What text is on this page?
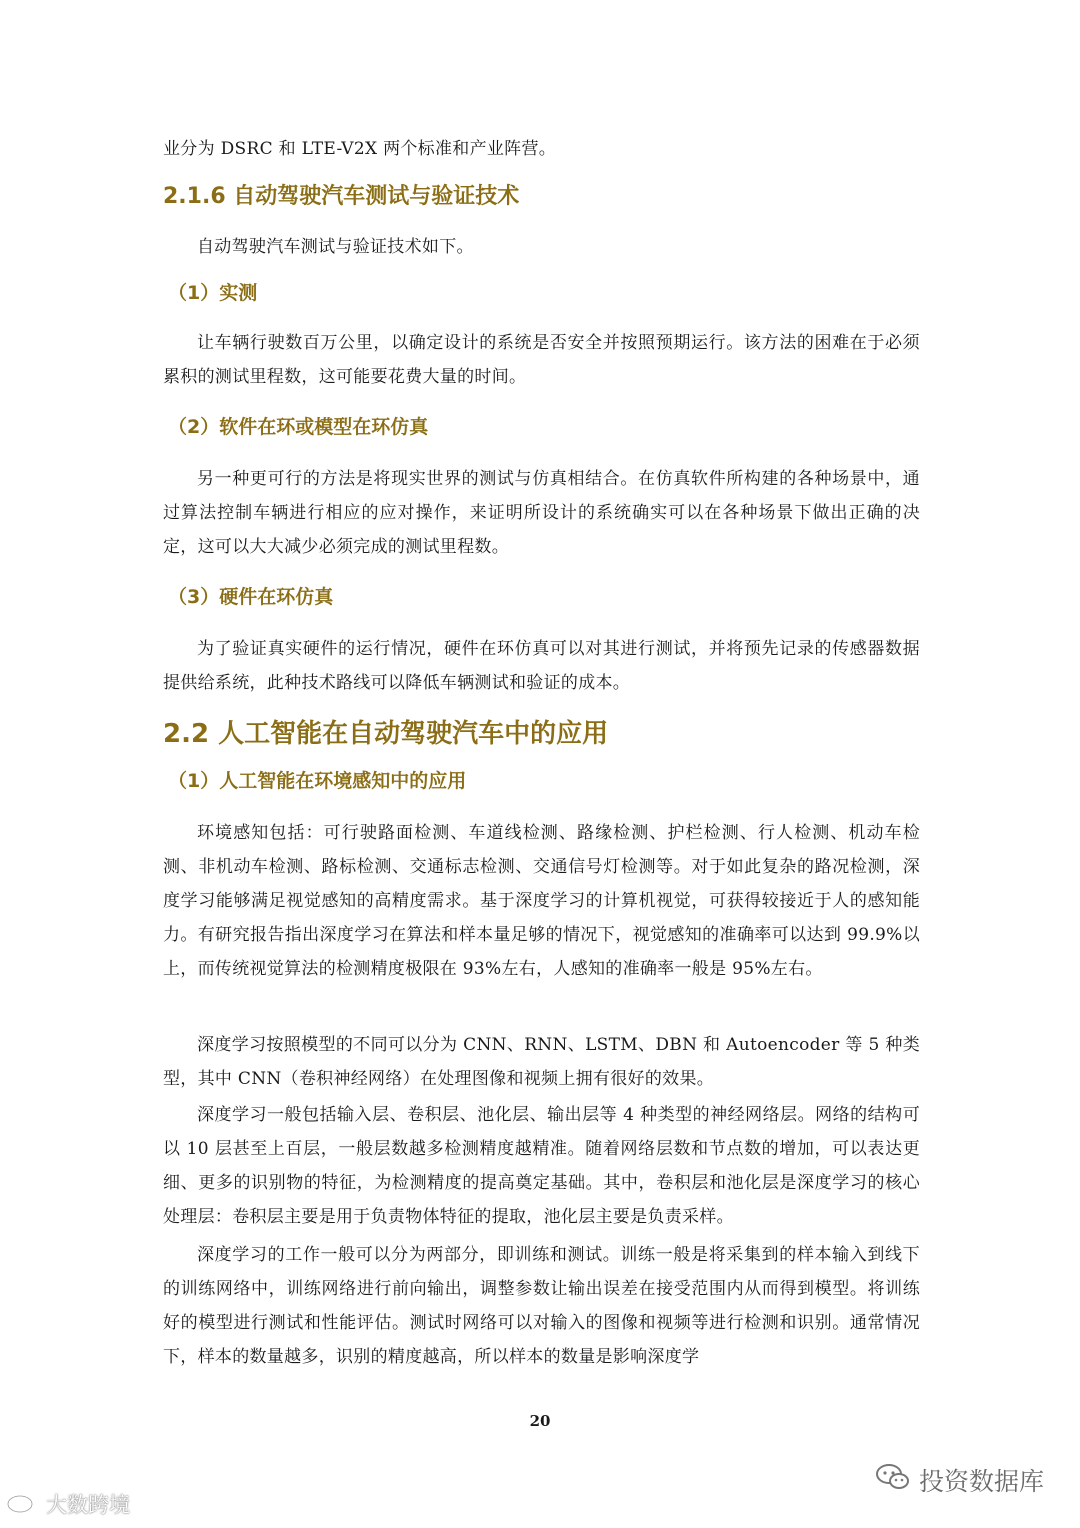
业分为 DSRC 和 LTE-V2X 两个标准和产业阵营。

2.1.6 自动驾驶汽车测试与验证技术

自动驾驶汽车测试与验证技术如下。

（1）实测

让车辆行驶数百万公里，以确定设计的系统是否安全并按照预期运行。该方法的困难在于必须累积的测试里程数，这可能要花费大量的时间。

（2）软件在环或模型在环仿真

另一种更可行的方法是将现实世界的测试与仿真相结合。在仿真软件所构建的各种场景中，通过算法控制车辆进行相应的应对操作，来证明所设计的系统确实可以在各种场景下做出正确的决定，这可以大大减少必须完成的测试里程数。

（3）硬件在环仿真

为了验证真实硬件的运行情况，硬件在环仿真可以对其进行测试，并将预先记录的传感器数据提供给系统，此种技术路线可以降低车辆测试和验证的成本。

2.2 人工智能在自动驾驶汽车中的应用
（1）人工智能在环境感知中的应用

环境感知包括：可行驶路面检测、车道线检测、路缘检测、护栏检测、行人检测、机动车检测、非机动车检测、路标检测、交通标志检测、交通信号灯检测等。对于如此复杂的路况检测，深度学习能够满足视觉感知的高精度需求。基于深度学习的计算机视觉，可获得较接近于人的感知能力。有研究报告指出深度学习在算法和样本量足够的情况下，视觉感知的准确率可以达到 99.9%以上，而传统视觉算法的检测精度极限在 93%左右，人感知的准确率一般是 95%左右。

深度学习按照模型的不同可以分为 CNN、RNN、LSTM、DBN 和 Autoencoder 等 5 种类型，其中 CNN（卷积神经网络）在处理图像和视频上拥有很好的效果。

深度学习一般包括输入层、卷积层、池化层、输出层等 4 种类型的神经网络层。网络的结构可以 10 层甚至上百层，一般层数越多检测精度越精准。随着网络层数和节点数的增加，可以表达更细、更多的识别物的特征，为检测精度的提高奠定基础。其中，卷积层和池化层是深度学习的核心处理层：卷积层主要是用于负责物体特征的提取，池化层主要是负责采样。

深度学习的工作一般可以分为两部分，即训练和测试。训练一般是将采集到的样本输入到线下的训练网络中，训练网络进行前向输出，调整参数让输出误差在接受范围内从而得到模型。将训练好的模型进行测试和性能评估。测试时网络可以对输入的图像和视频等进行检测和识别。通常情况下，样本的数量越多，识别的精度越高，所以样本的数量是影响深度学

20
大数跨境
投资数据库
